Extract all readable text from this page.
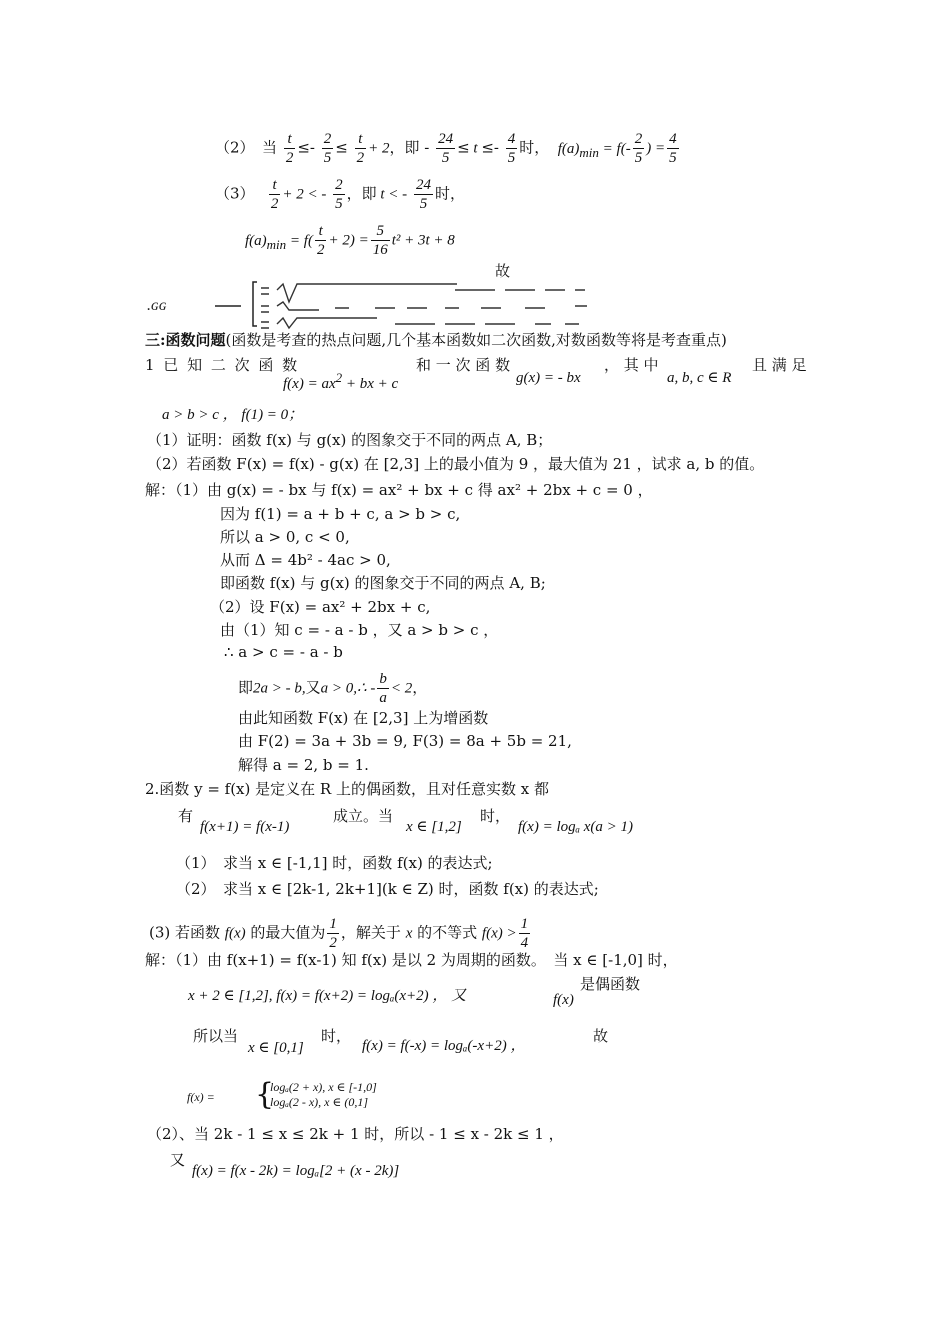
（2）　当 $\frac{t}{2} \le- \frac{2}{5} \le \frac{t}{2} + 2$，即 - $\frac{24}{5} \le t \le- \frac{4}{5}$ 时，  $f(a)_{min} = f(- \frac{2}{5}$ ) = $\frac{4}{5}$
（3）　 $\frac{t}{2} + 2$ < - $\frac{2}{5}$ ，即 t < - $\frac{24}{5}$ 时，
$f(a)_{min} = f( \frac{t}{2} + 2) = \frac{5}{16} t^2 + 3t + 8$
故
.ɢɢ
三:函数问题(函数是考查的热点问题,几个基本函数如二次函数,对数函数等将是考查重点)
1 已 知 二 次 函 数
$f(x) = ax^2$ + bx + c
和 一 次 函 数
g(x) = - bx
， 其 中
a, b, c ∈ R
且 满 足
a > b > c ， f(1) = 0；
（1）证明：函数 f(x) 与 g(x) 的图象交于不同的两点 A, B；
（2）若函数 F(x) = f(x) - g(x) 在 [2,3] 上的最小值为 9 ，最大值为 21 ，试求 a, b 的值。
解：（1）由 g(x) = - bx 与 f(x) = ax² + bx + c 得 ax² + 2bx + c = 0 ，
因为 f(1) = a + b + c, a > b > c,
所以 a > 0, c < 0,
从而 Δ = 4b² - 4ac > 0,
即函数 f(x) 与 g(x) 的图象交于不同的两点 A, B;
（2）设 F(x) = ax² + 2bx + c,
由（1）知 c = - a - b ，又 a > b > c ，
∴ a > c = - a - b
即2a > - b,又a > 0,∴ - $\frac{b}{a} < 2$，
由此知函数 F(x) 在 [2,3] 上为增函数
由 F(2) = 3a + 3b = 9, F(3) = 8a + 5b = 21,
解得 a = 2, b = 1.
2.函数 y = f(x) 是定义在 R 上的偶函数，且对任意实数 x 都
有
f(x+1) = f(x-1)
成立。当
x ∈ [1,2]
时，
f(x) = logₐ x(a > 1)
（1）　求当 x ∈ [-1,1] 时，函数 f(x) 的表达式;
（2）　求当 x ∈ [2k-1, 2k+1](k ∈ Z) 时，函数 f(x) 的表达式;
(3) 若函数 f(x) 的最大值为 $\frac{1}{2}$ ，解关于 x 的不等式 $f(x) > \frac{1}{4}$
解：（1）由 f(x+1) = f(x-1) 知 f(x) 是以 2 为周期的函数。　当 x ∈ [-1,0] 时，
x + 2 ∈ [1,2], f(x) = f(x+2) = logₐ(x+2) ， 又	f(x)
是偶函数
所以当
x ∈ [0,1]
时，
f(x) = f(-x) = logₐ(-x+2) ，
故
f(x) = {
logₐ(2 + x), x ∈ [-1,0]
logₐ(2 - x), x ∈ (0,1]
（2）、当 2k - 1 ≤ x ≤ 2k + 1 时，所以 - 1 ≤ x - 2k ≤ 1 ，
又
f(x) = f(x - 2k) = logₐ[2 + (x - 2k)]
